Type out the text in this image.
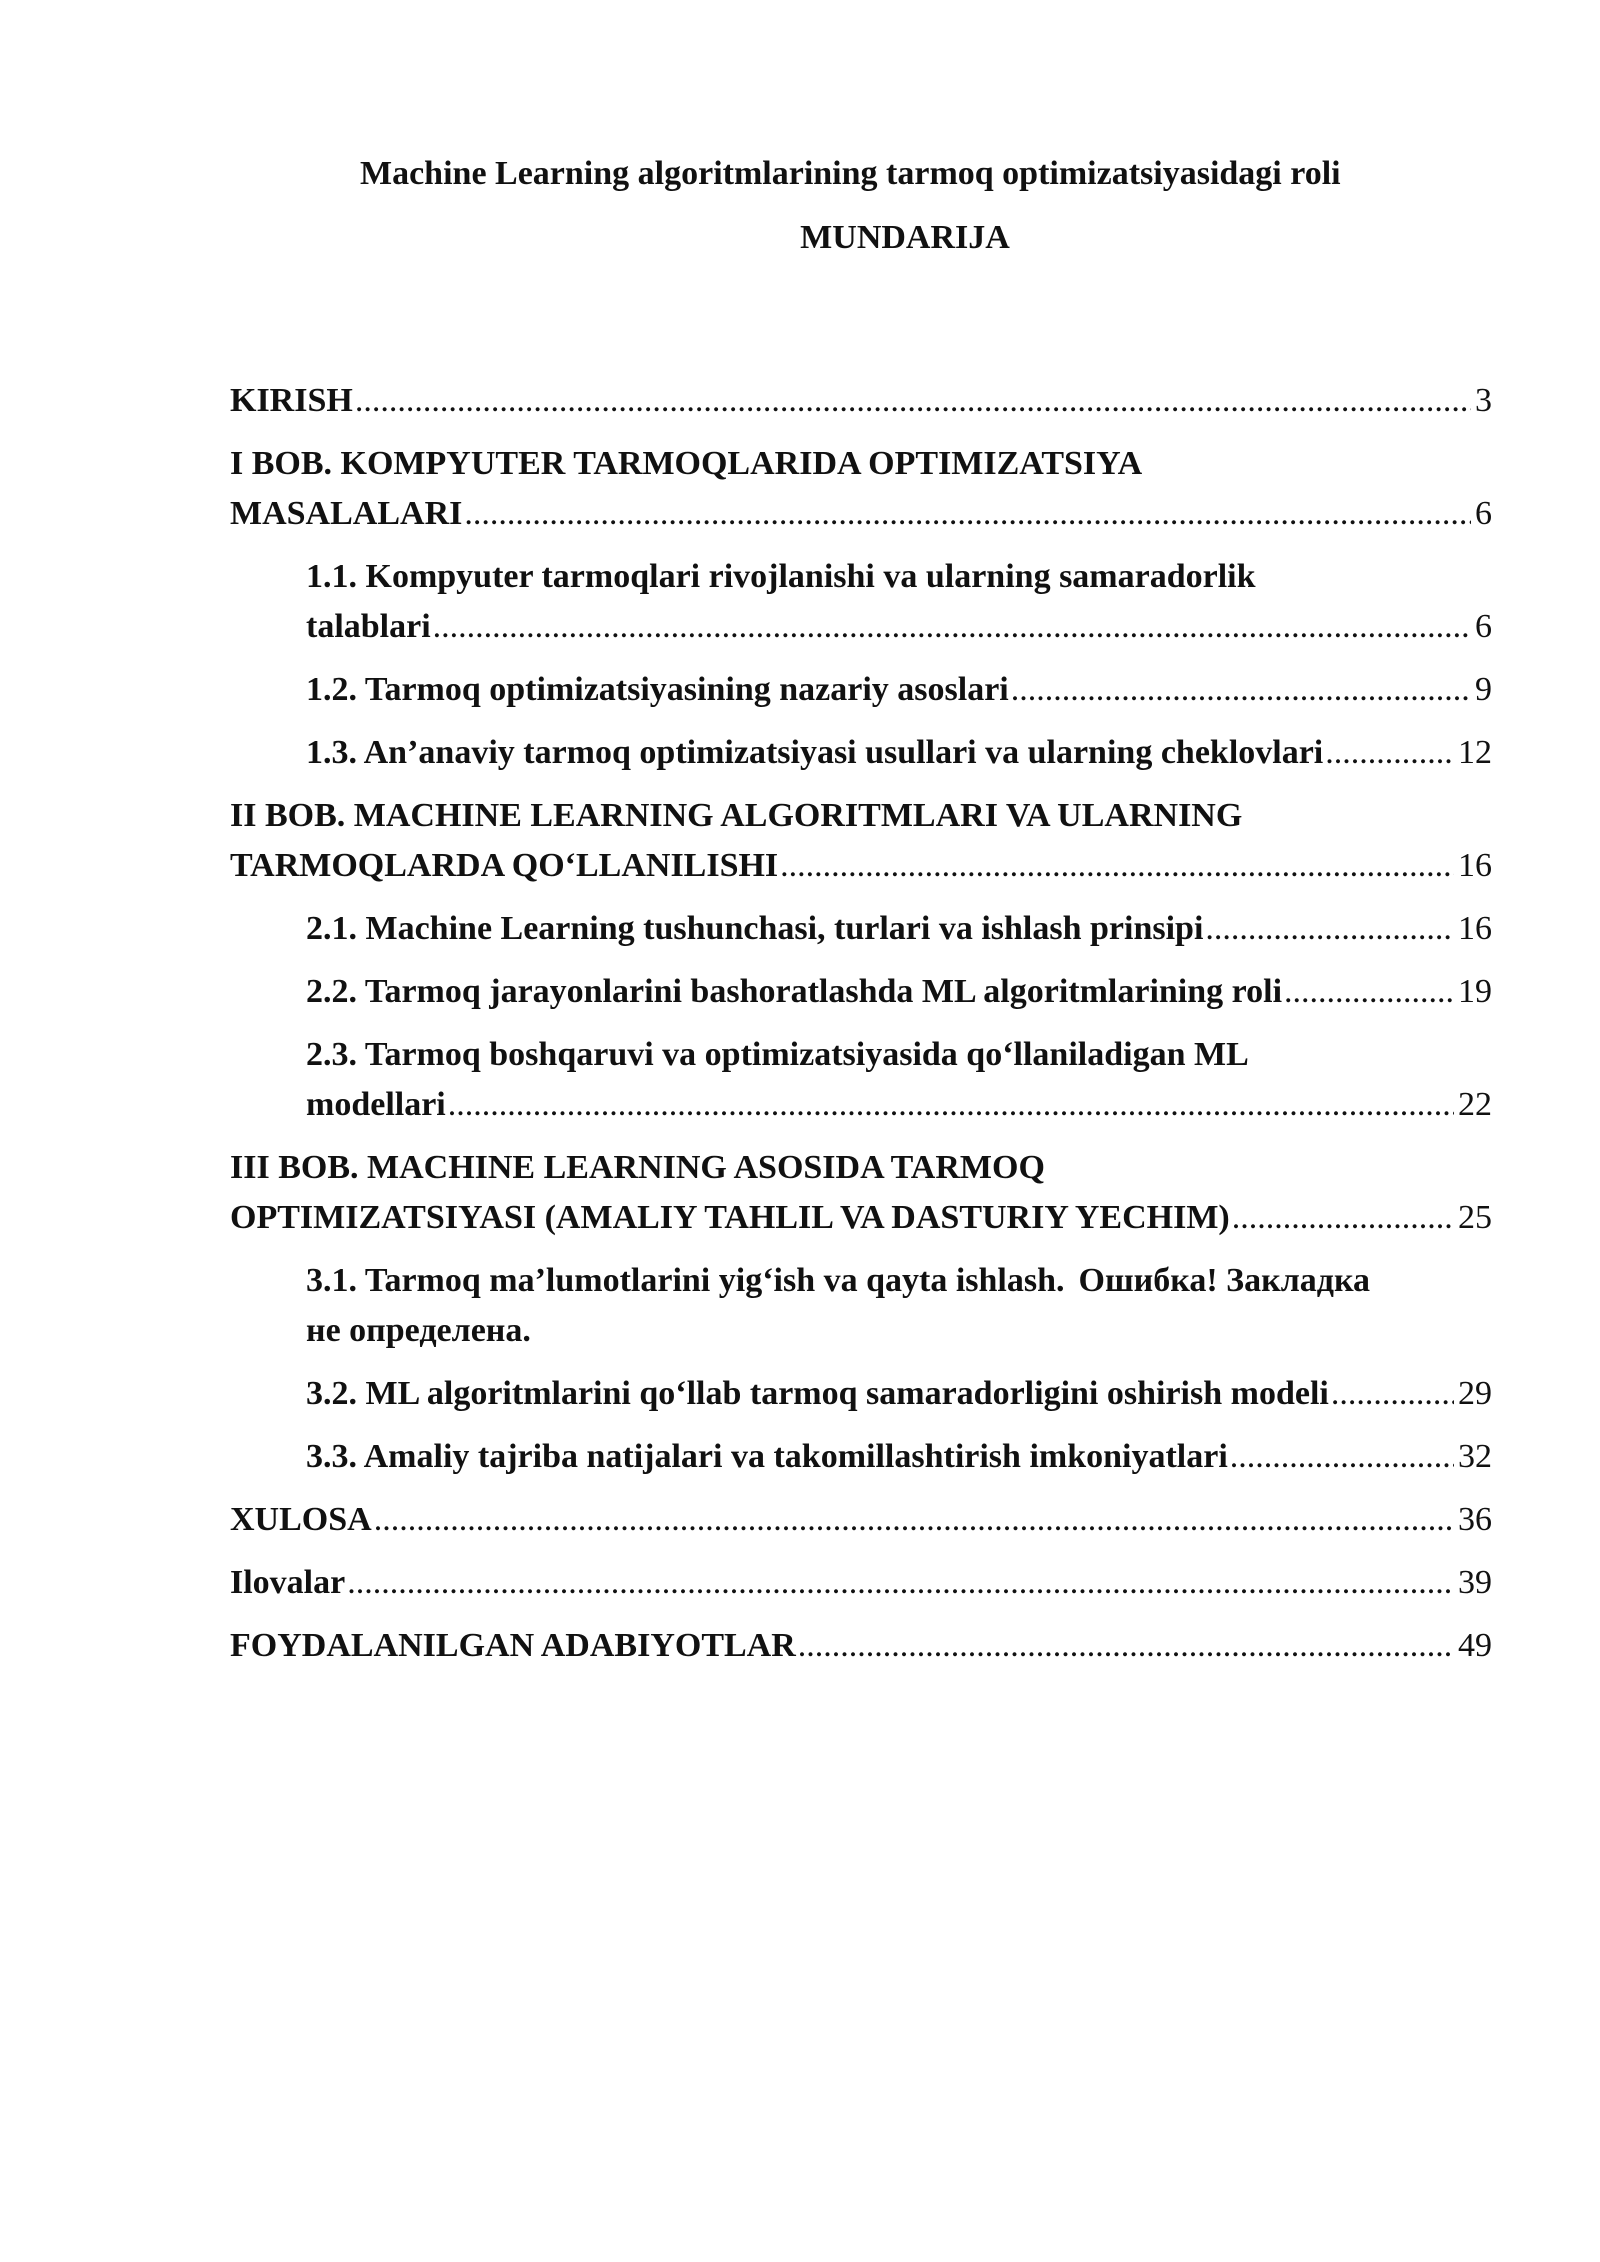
Machine Learning algoritmlarining tarmoq optimizatsiyasidagi roli
MUNDARIJA
KIRISH .....	3
I BOB. KOMPYUTER TARMOQLARIDA OPTIMIZATSIYA
MASALALARI .....	6
1.1. Kompyuter tarmoqlari rivojlanishi va ularning samaradorlik
talablari .....	6
1.2. Tarmoq optimizatsiyasining nazariy asoslari .....	9
1.3. An’anaviy tarmoq optimizatsiyasi usullari va ularning cheklovlari .....	12
II BOB. MACHINE LEARNING ALGORITMLARI VA ULARNING
TARMOQLARDA QO‘LLANILISHI .....	16
2.1. Machine Learning tushunchasi, turlari va ishlash prinsipi .....	16
2.2. Tarmoq jarayonlarini bashoratlashda ML algoritmlarining roli .....	19
2.3. Tarmoq boshqaruvi va optimizatsiyasida qo‘llaniladigan ML
modellari .....	22
III BOB. MACHINE LEARNING ASOSIDA TARMOQ
OPTIMIZATSIYASI (AMALIY TAHLIL VA DASTURIY YECHIM) .....	25
3.1. Tarmoq ma’lumotlarini yig‘ish va qayta ishlash. Ошибка! Закладка
не определена.
3.2. ML algoritmlarini qo‘llab tarmoq samaradorligini oshirish modeli .....	29
3.3. Amaliy tajriba natijalari va takomillashtirish imkoniyatlari .....	32
XULOSA .....	36
Ilovalar .....	39
FOYDALANILGAN ADABIYOTLAR .....	49
